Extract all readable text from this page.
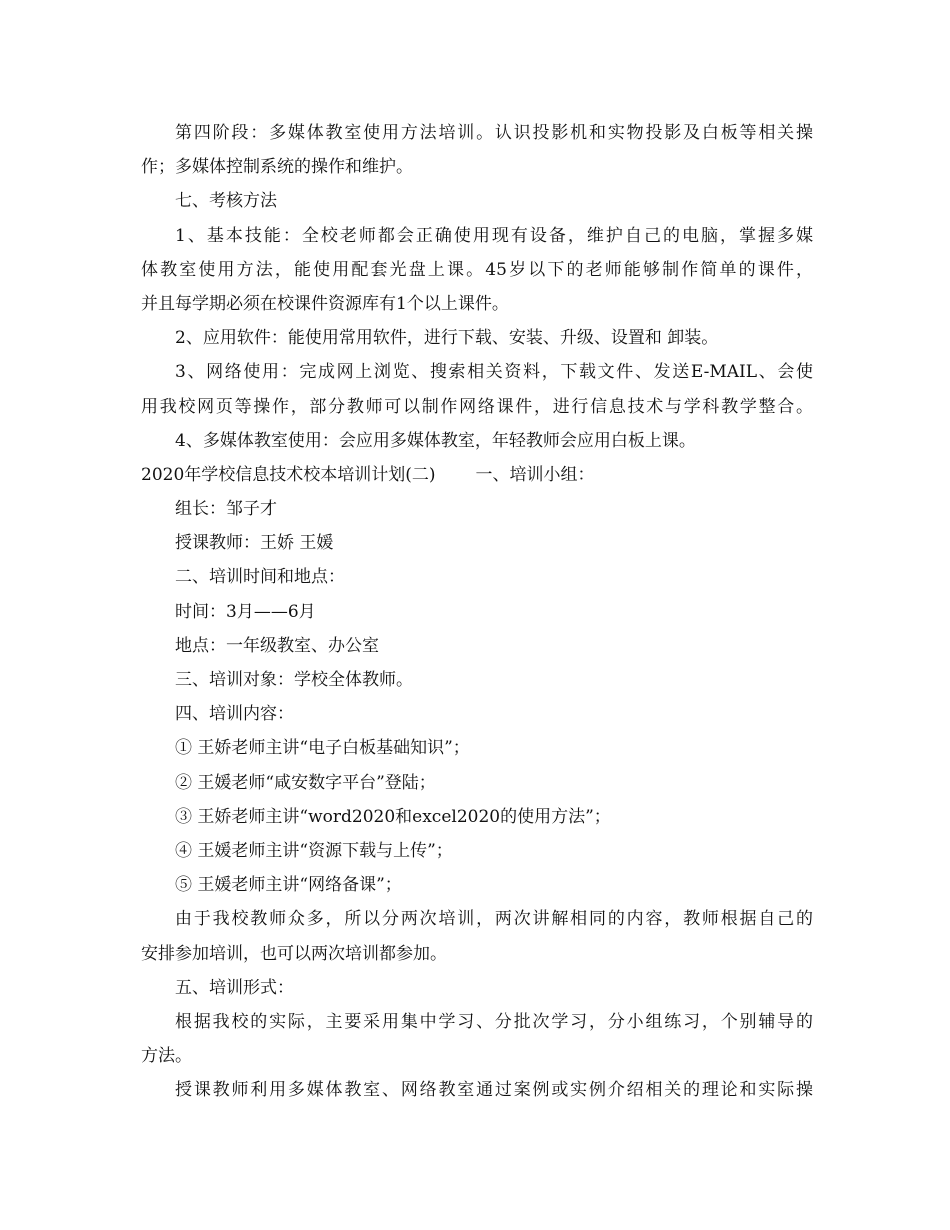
第四阶段：多媒体教室使用方法培训。认识投影机和实物投影及白板等相关操
作；多媒体控制系统的操作和维护。
七、考核方法
1、基本技能：全校老师都会正确使用现有设备，维护自己的电脑，掌握多媒
体教室使用方法，能使用配套光盘上课。45岁以下的老师能够制作简单的课件，
并且每学期必须在校课件资源库有1个以上课件。
2、应用软件：能使用常用软件，进行下载、安装、升级、设置和 卸装。
3、网络使用：完成网上浏览、搜索相关资料，下载文件、发送E-MAIL、会使
用我校网页等操作，部分教师可以制作网络课件，进行信息技术与学科教学整合。
4、多媒体教室使用：会应用多媒体教室，年轻教师会应用白板上课。
2020年学校信息技术校本培训计划(二) 一、培训小组：
组长：邹子才
授课教师：王娇 王媛
二、培训时间和地点：
时间：3月——6月
地点：一年级教室、办公室
三、培训对象：学校全体教师。
四、培训内容：
① 王娇老师主讲“电子白板基础知识”；
② 王媛老师“咸安数字平台”登陆；
③ 王娇老师主讲“word2020和excel2020的使用方法”；
④ 王媛老师主讲“资源下载与上传”；
⑤ 王媛老师主讲“网络备课”；
由于我校教师众多，所以分两次培训，两次讲解相同的内容，教师根据自己的
安排参加培训，也可以两次培训都参加。
五、培训形式：
根据我校的实际，主要采用集中学习、分批次学习，分小组练习，个别辅导的
方法。
授课教师利用多媒体教室、网络教室通过案例或实例介绍相关的理论和实际操
